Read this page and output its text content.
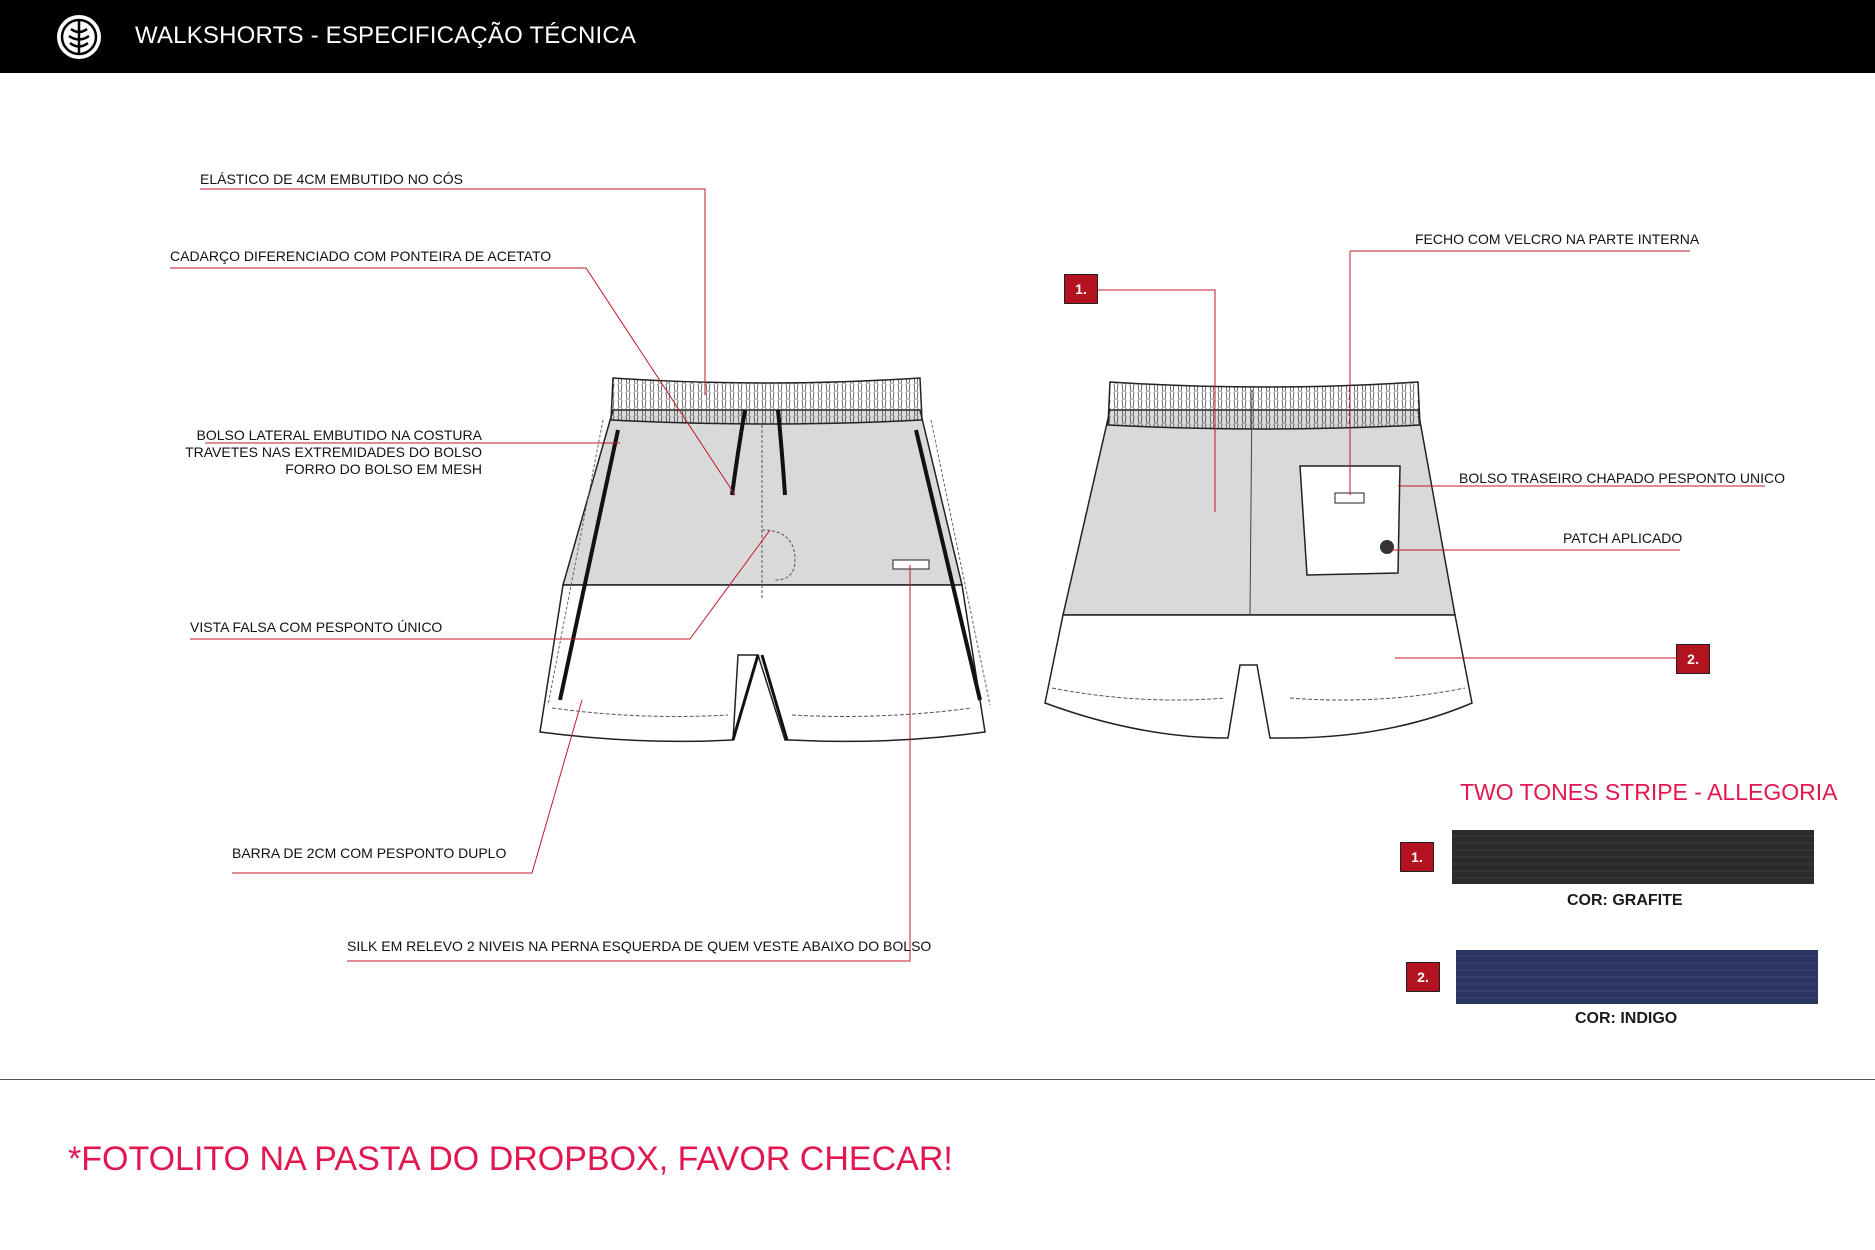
WALKSHORTS - ESPECIFICAÇÃO TÉCNICA
ELÁSTICO DE 4CM EMBUTIDO NO CÓS
CADARÇO DIFERENCIADO COM PONTEIRA DE ACETATO
BOLSO LATERAL EMBUTIDO NA COSTURA
TRAVETES NAS EXTREMIDADES DO BOLSO
FORRO DO BOLSO EM MESH
VISTA FALSA COM PESPONTO ÚNICO
BARRA DE 2CM COM PESPONTO DUPLO
SILK EM RELEVO 2 NIVEIS NA PERNA ESQUERDA DE QUEM VESTE ABAIXO DO BOLSO
FECHO COM VELCRO NA PARTE INTERNA
BOLSO TRASEIRO CHAPADO PESPONTO UNICO
PATCH APLICADO
1.
2.
TWO TONES STRIPE - ALLEGORIA
1.
COR: GRAFITE
2.
COR: INDIGO
*FOTOLITO NA PASTA DO DROPBOX, FAVOR CHECAR!
